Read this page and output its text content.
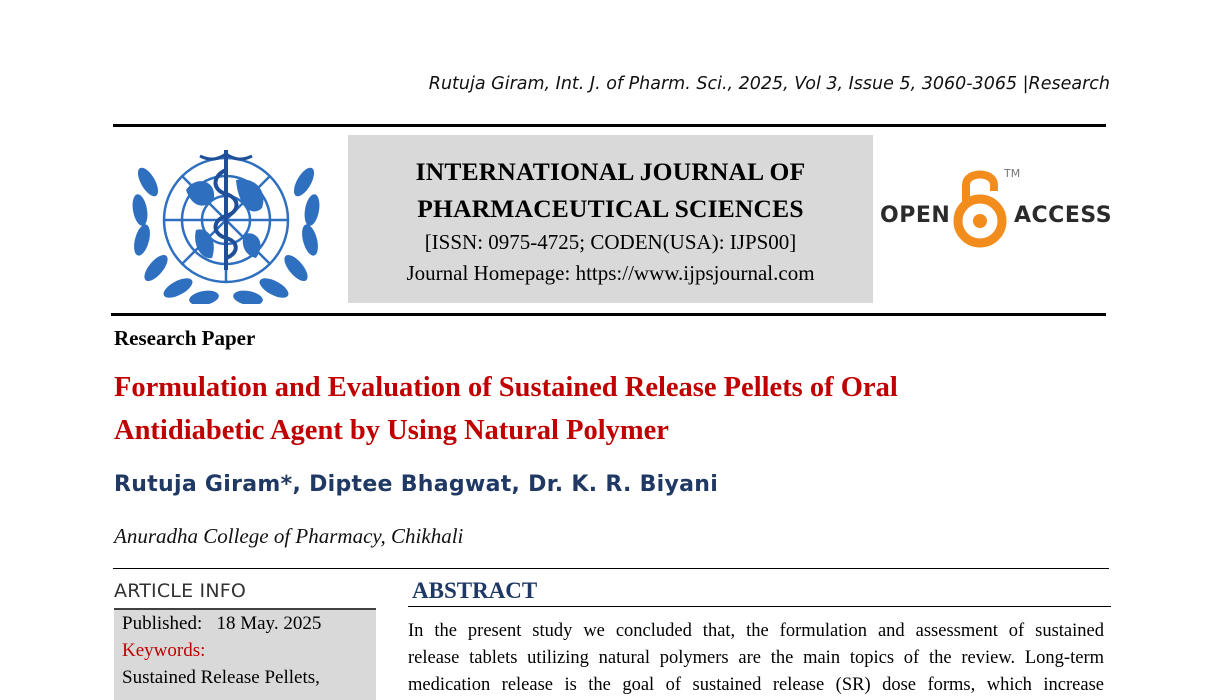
Rutuja Giram, Int. J. of Pharm. Sci., 2025, Vol 3, Issue 5, 3060-3065 |Research
INTERNATIONAL JOURNAL OF
PHARMACEUTICAL SCIENCES
[ISSN: 0975-4725; CODEN(USA): IJPS00]
Journal Homepage: https://www.ijpsjournal.com
OPEN	ACCESS
TM
Research Paper
Formulation and Evaluation of Sustained Release Pellets of Oral
Antidiabetic Agent by Using Natural Polymer
Rutuja Giram*, Diptee Bhagwat, Dr. K. R. Biyani
Anuradha College of Pharmacy, Chikhali
ARTICLE INFO
Published: 18 May. 2025
Keywords:
Sustained Release Pellets,
ABSTRACT
In the present study we concluded that, the formulation and assessment of sustained
release tablets utilizing natural polymers are the main topics of the review. Long-term
medication release is the goal of sustained release (SR) dose forms, which increase
